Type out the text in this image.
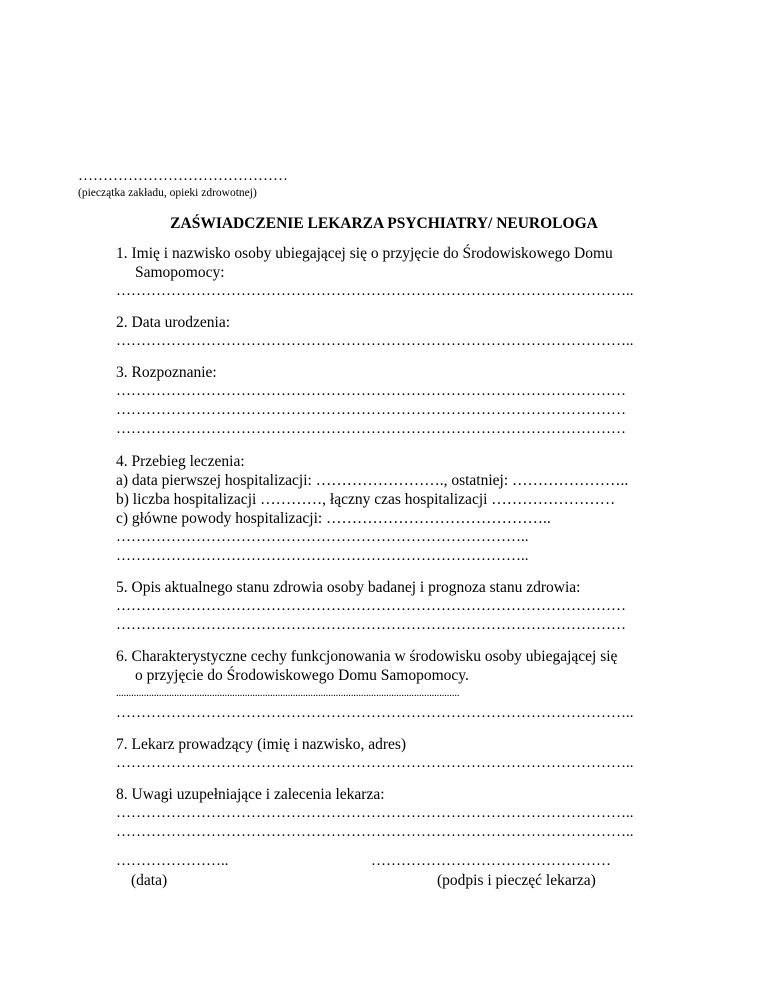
……………………………………
(pieczątka zakładu, opieki zdrowotnej)
ZAŚWIADCZENIE LEKARZA PSYCHIATRY/ NEUROLOGA
1. Imię i nazwisko osoby ubiegającej się o przyjęcie do Środowiskowego Domu
Samopomocy:
…………………………………………………………………………………………..
2. Data urodzenia:
…………………………………………………………………………………………..
3. Rozpoznanie:
…………………………………………………………………………………………
…………………………………………………………………………………………
…………………………………………………………………………………………
4. Przebieg leczenia:
a) data pierwszej hospitalizacji: ……………………., ostatniej: …………………..
b) liczba hospitalizacji …………, łączny czas hospitalizacji ……………………
c) główne powody hospitalizacji: ……………………………………..
………………………………………………………………………..
………………………………………………………………………..
5. Opis aktualnego stanu zdrowia osoby badanej i prognoza stanu zdrowia:
…………………………………………………………………………………………
…………………………………………………………………………………………
6. Charakterystyczne cechy funkcjonowania w środowisku osoby ubiegającej się
o przyjęcie do Środowiskowego Domu Samopomocy.
........................................................................................................................................
…………………………………………………………………………………………..
7. Lekarz prowadzący (imię i nazwisko, adres)
…………………………………………………………………………………………..
8. Uwagi uzupełniające i zalecenia lekarza:
…………………………………………………………………………………………..
…………………………………………………………………………………………..
…………………..
(data)
…………………………………………
(podpis i pieczęć lekarza)
